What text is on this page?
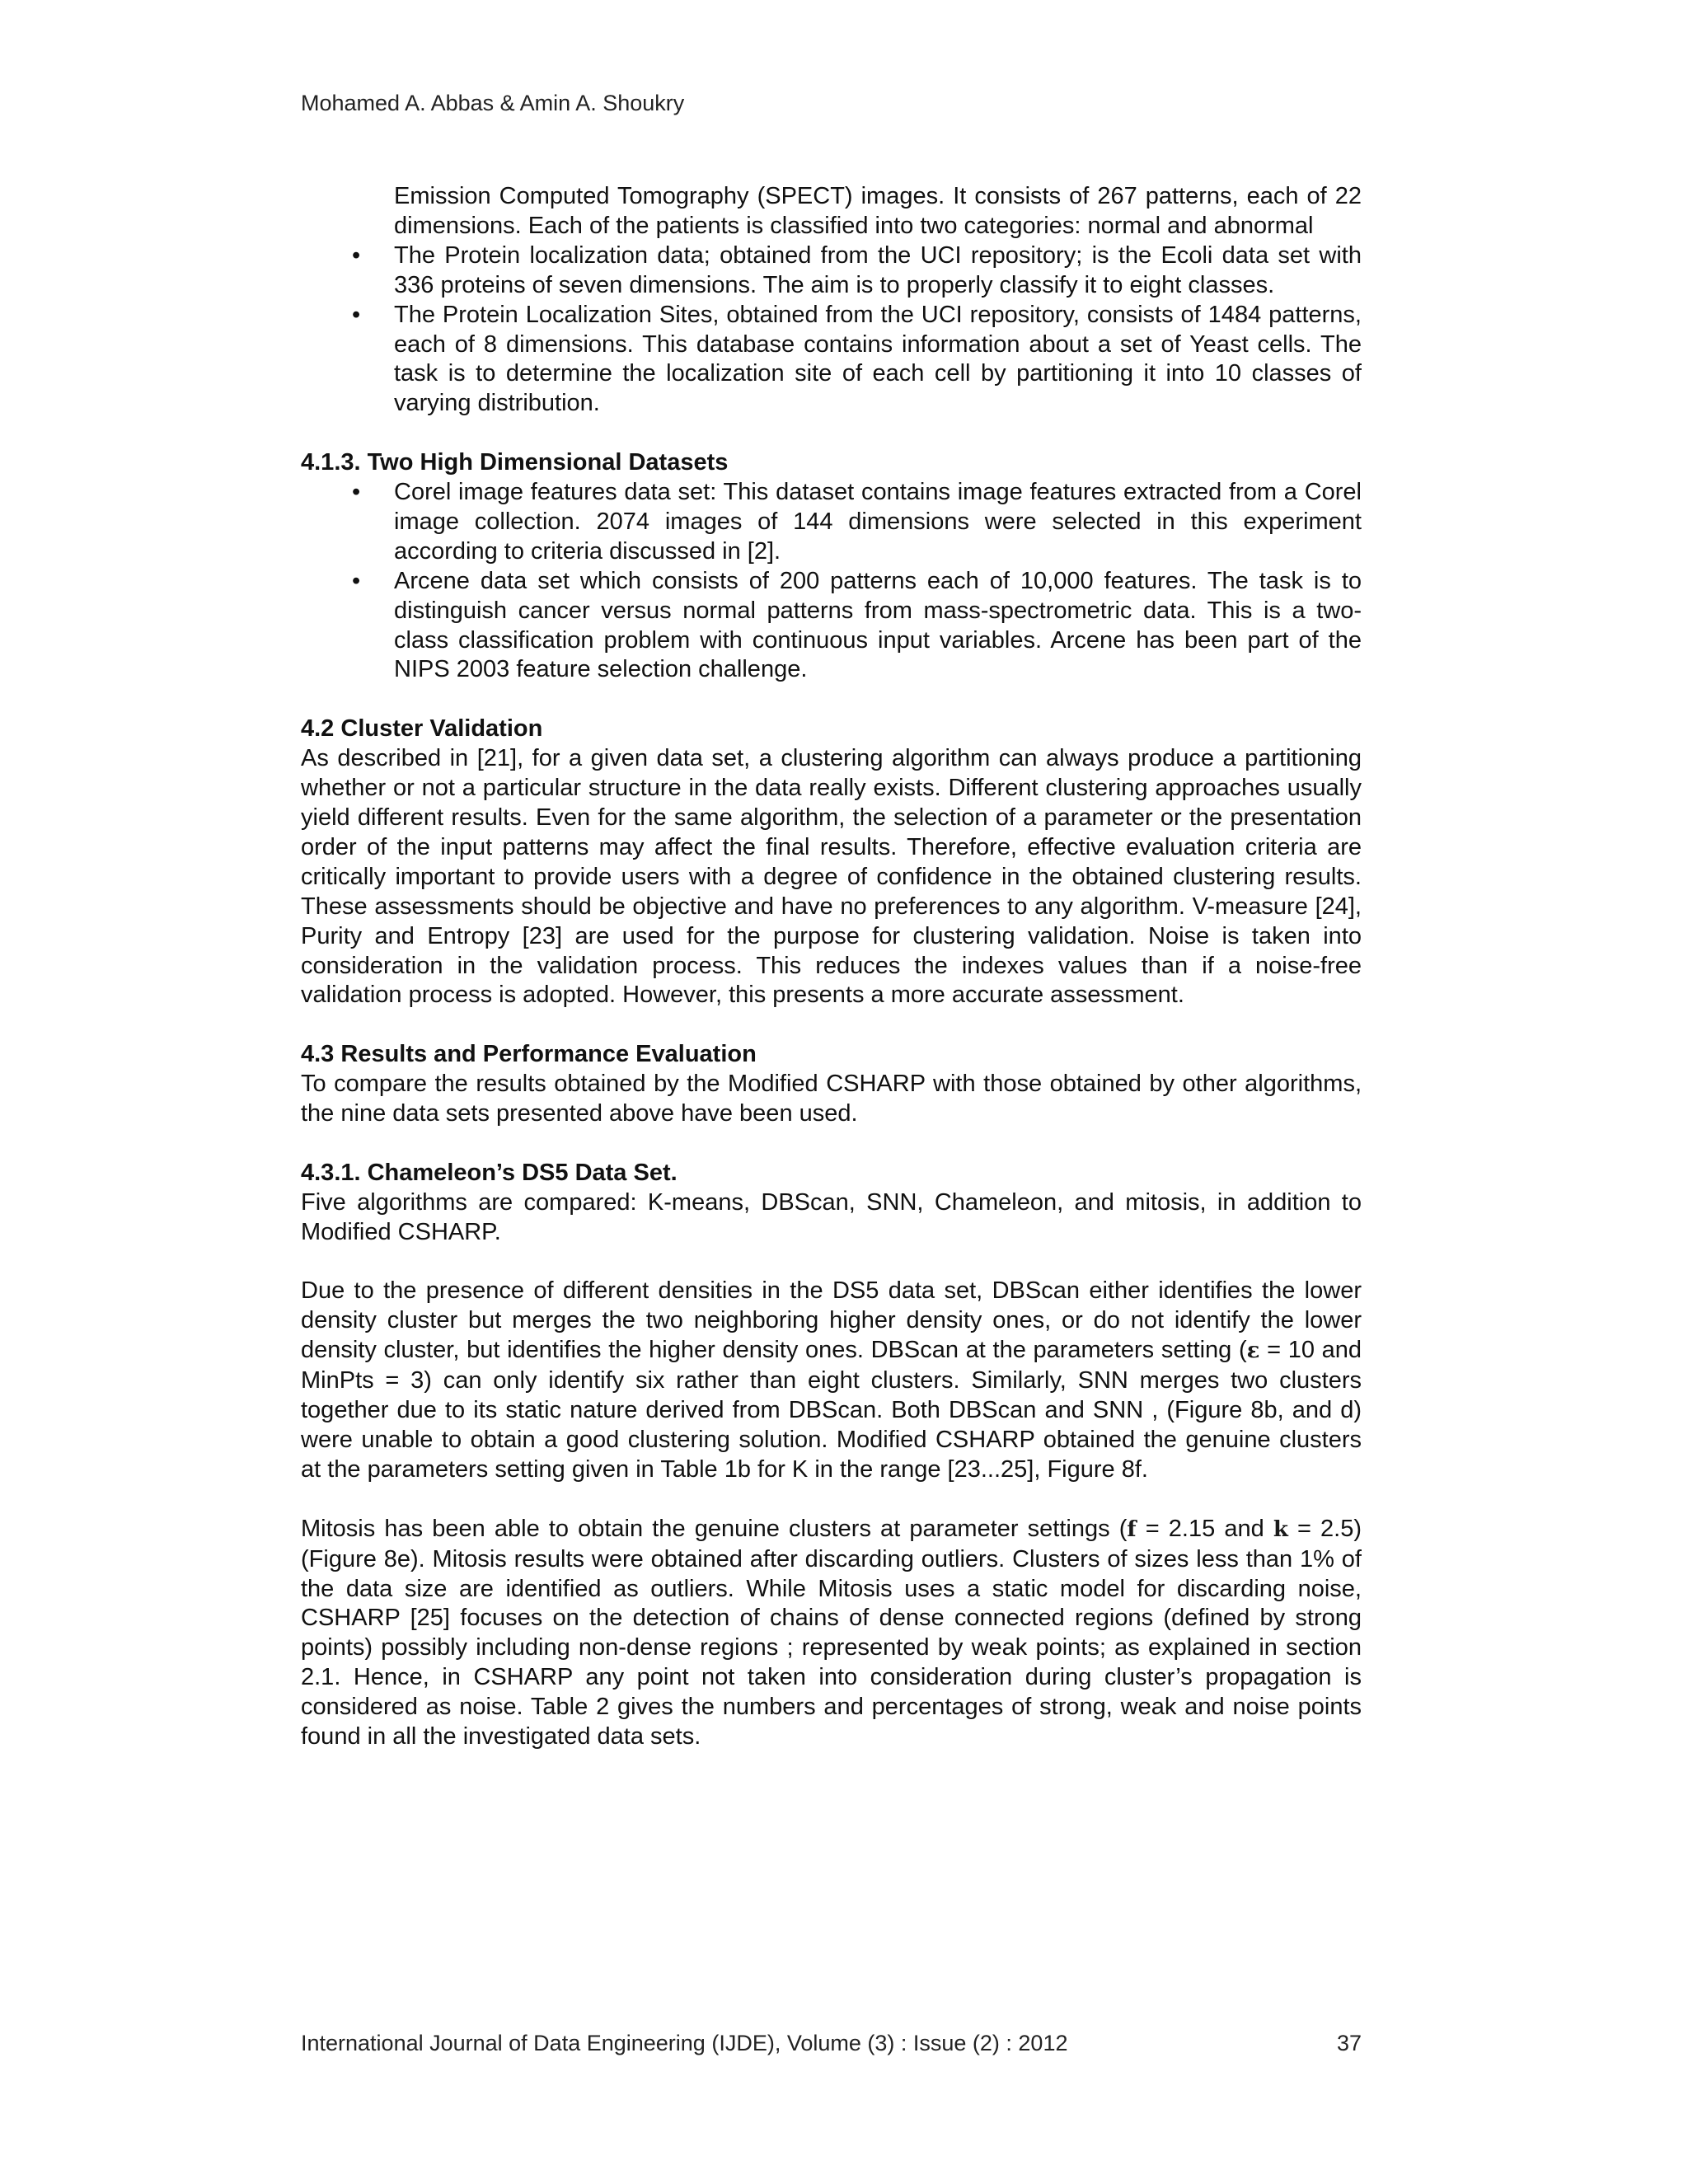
Mohamed A. Abbas & Amin A. Shoukry
Emission Computed Tomography (SPECT) images. It consists of 267 patterns, each of 22 dimensions. Each of the patients is classified into two categories: normal and abnormal
• The Protein localization data; obtained from the UCI repository; is the Ecoli data set with 336 proteins of seven dimensions. The aim is to properly classify it to eight classes.
• The Protein Localization Sites, obtained from the UCI repository, consists of 1484 patterns, each of 8 dimensions. This database contains information about a set of Yeast cells. The task is to determine the localization site of each cell by partitioning it into 10 classes of varying distribution.

4.1.3. Two High Dimensional Datasets

• Corel image features data set: This dataset contains image features extracted from a Corel image collection. 2074 images of 144 dimensions were selected in this experiment according to criteria discussed in [2].
• Arcene data set which consists of 200 patterns each of 10,000 features. The task is to distinguish cancer versus normal patterns from mass-spectrometric data. This is a two-class classification problem with continuous input variables. Arcene has been part of the NIPS 2003 feature selection challenge.

4.2 Cluster Validation

As described in [21], for a given data set, a clustering algorithm can always produce a partitioning whether or not a particular structure in the data really exists. Different clustering approaches usually yield different results. Even for the same algorithm, the selection of a parameter or the presentation order of the input patterns may affect the final results. Therefore, effective evaluation criteria are critically important to provide users with a degree of confidence in the obtained clustering results. These assessments should be objective and have no preferences to any algorithm. V-measure [24], Purity and Entropy [23] are used for the purpose for clustering validation. Noise is taken into consideration in the validation process. This reduces the indexes values than if a noise-free validation process is adopted. However, this presents a more accurate assessment.

4.3 Results and Performance Evaluation

To compare the results obtained by the Modified CSHARP with those obtained by other algorithms, the nine data sets presented above have been used.

4.3.1. Chameleon’s DS5 Data Set.

Five algorithms are compared: K-means, DBScan, SNN, Chameleon, and mitosis, in addition to Modified CSHARP.

Due to the presence of different densities in the DS5 data set, DBScan either identifies the lower density cluster but merges the two neighboring higher density ones, or do not identify the lower density cluster, but identifies the higher density ones. DBScan at the parameters setting (ε = 10 and MinPts = 3) can only identify six rather than eight clusters. Similarly, SNN merges two clusters together due to its static nature derived from DBScan. Both DBScan and SNN , (Figure 8b, and d) were unable to obtain a good clustering solution. Modified CSHARP obtained the genuine clusters at the parameters setting given in Table 1b for K in the range [23...25], Figure 8f.

Mitosis has been able to obtain the genuine clusters at parameter settings (f = 2.15 and k = 2.5) (Figure 8e). Mitosis results were obtained after discarding outliers. Clusters of sizes less than 1% of the data size are identified as outliers. While Mitosis uses a static model for discarding noise, CSHARP [25] focuses on the detection of chains of dense connected regions (defined by strong points) possibly including non-dense regions ; represented by weak points; as explained in section 2.1. Hence, in CSHARP any point not taken into consideration during cluster’s propagation is considered as noise. Table 2 gives the numbers and percentages of strong, weak and noise points found in all the investigated data sets.

International Journal of Data Engineering (IJDE), Volume (3) : Issue (2) : 2012	37
